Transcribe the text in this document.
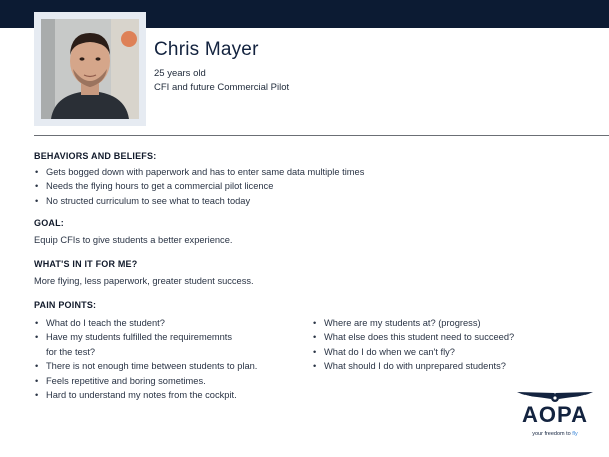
Chris Mayer
25 years old
CFI and future Commercial Pilot
BEHAVIORS AND BELIEFS:
• Gets bogged down with paperwork and has to enter same data multiple times
• Needs the flying hours to get a commercial pilot licence
• No structed curriculum to see what to teach today
GOAL:
Equip CFIs to give students a better experience.
WHAT'S IN IT FOR ME?
More flying, less paperwork, greater student success.
PAIN POINTS:
• What do I teach the student?
• Have my students fulfilled the requirememnts
for the test?
• There is not enough time between students to plan.
• Feels repetitive and boring sometimes.
• Hard to understand my notes from the cockpit.
• Where are my students at? (progress)
• What else does this student need to succeed?
• What do I do when we can't fly?
• What should I do with unprepared students?
AOPA
your freedom to fly
